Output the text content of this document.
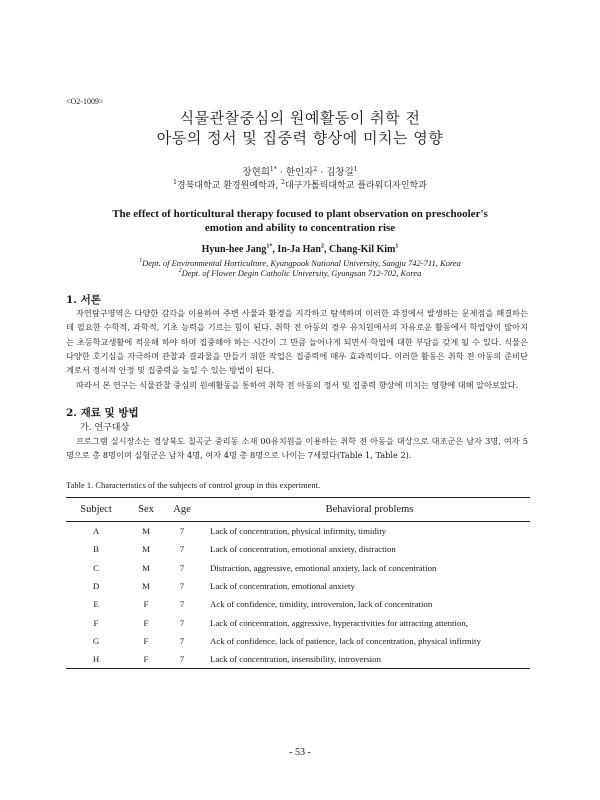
<O2-1009>
식물관찰중심의 원예활동이 취학 전
아동의 정서 및 집중력 향상에 미치는 영향
장현희$^{1*}$ · 한인자$^2$ · 김창길$^1$
$^1$경북대학교 환경원예학과, $^2$대구가톨릭대학교 플라워디자인학과
The effect of horticultural therapy focused to plant observation on preschooler's
emotion and ability to concentration rise
Hyun-hee Jang$^{1*}$, In-Ja Han$^2$, Chang-Kil Kim$^1$
$^1$Dept. of Environmental Horticulture, Kyungpook National University, Sangju 742-711, Korea
$^2$Dept. of Flower Degin Catholic University, Gyungsan 712-702, Korea
1. 서론
자연탐구영역은 다양한 감각을 이용하여 주변 사물과 환경을 지각하고 탐색하며 이러한 과정에서 발생하는 문제점을 해결하는데 필요한 수학적, 과학적, 기초 능력을 기르는 힘이 된다. 취학 전 아동의 경우 유치원에서의 자유로운 활동에서 학업양이 많아지는 초등학교생활에 적응해 하야 하며 집중해야 하는 시간이 그 만큼 늘어나게 되면서 학업에 대한 부담을 갖게 될 수 있다. 식물은 다양한 호기심을 자극하며 관찰과 결과물을 만들기 위한 작업은 집중력에 매우 효과적이다. 이러한 활동은 취학 전 아동의 준비단계로서 정서적 안정 및 집중력을 높일 수 있는 방법이 된다.
따라서 본 연구는 식물관찰 중심의 원예활동을 통하여 취학 전 아동의 정서 및 집중력 향상에 미치는 영향에 대해 알아보았다.
2. 재료 및 방법
가. 연구대상
프로그램 실시장소는 경상북도 칠곡군 중리동 소재 00유치원을 이용하는 취학 전 아동을 대상으로 대조군은 남자 3명, 여자 5명으로 총 8명이며 실험군은 남자 4명, 여자 4명 총 8명으로 나이는 7세였다(Table 1, Table 2).
Table 1. Characteristics of the subjects of control group in this experiment.
Subject	Sex	Age	Behavioral problems
A	M	7	Lack of concentration, physical infirmity, timidity
B	M	7	Lack of concentration, emotional anxiety, distraction
C	M	7	Distraction, aggressive, emotional anxiety, lack of concentration
D	M	7	Lack of concentration, emotional anxiety
E	F	7	Ack of confidence, timidity, introversion, lack of concentration
F	F	7	Lack of concentration, aggressive, hyperactivities for attracting attention,
G	F	7	Ack of confidence, lack of patience, lack of concentration, physical infirmity
H	F	7	Lack of concentration, insensibility, introversion
- 53 -
